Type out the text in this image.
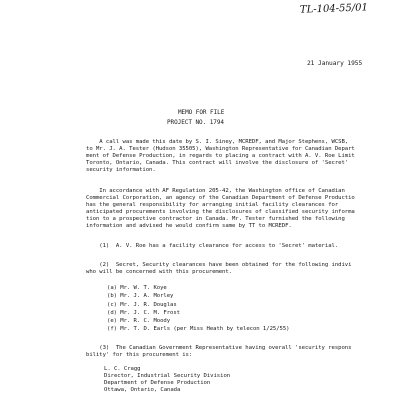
TL-104-55/01
21 January 1955
MEMO FOR FILE
PROJECT NO. 1794
A call was made this date by S. I. Siney, MCREDF, and Major Stephens, WCSB,
to Mr. J. A. Tester (Hudson 35505), Washington Representative for Canadian Depart
ment of Defense Production, in regards to placing a contract with A. V. Roe Limit
Toronto, Ontario, Canada. This contract will involve the disclosure of 'Secret'
security information.
In accordance with AF Regulation 205-42, the Washington office of Canadian
Commercial Corporation, an agency of the Canadian Department of Defense Productio
has the general responsibility for arranging initial facility clearances for
anticipated procurements involving the disclosures of classified security informa
tion to a prospective contractor in Canada. Mr. Tester furnished the following
information and advised he would confirm same by TT to MCREDF.
(1)  A. V. Roe has a facility clearance for access to 'Secret' material.
(2)  Secret, Security clearances have been obtained for the following indivi
who will be concerned with this procurement.
(a) Mr. W. T. Koye
(b) Mr. J. A. Morley
(c) Mr. J. R. Douglas
(d) Mr. J. C. M. Frost
(e) Mr. R. C. Moody
(f) Mr. T. D. Earls (per Miss Heath by telecon 1/25/55)
(3)  The Canadian Government Representative having overall 'security respons
bility' for this procurement is:
L. C. Cragg
Director, Industrial Security Division
Department of Defense Production
Ottawa, Ontario, Canada
